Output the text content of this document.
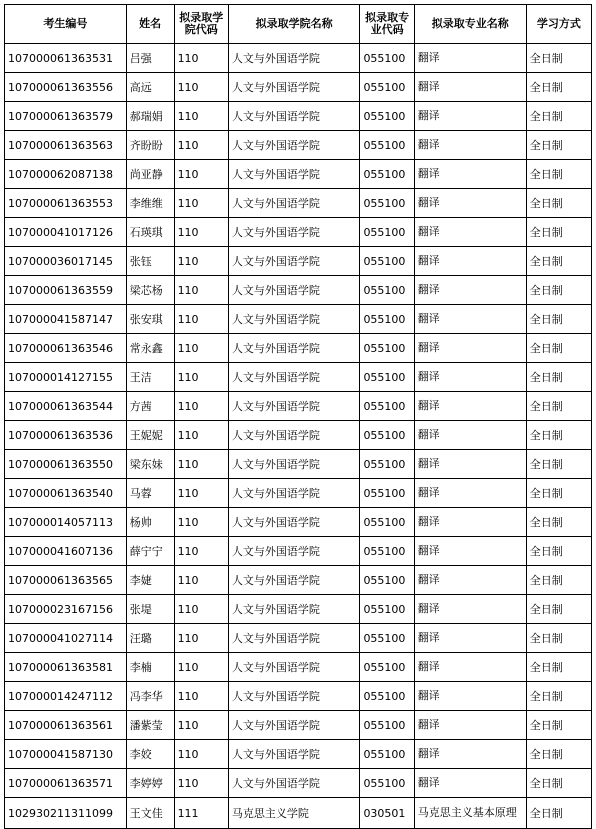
考生编号	姓名	拟录取学院代码	拟录取学院名称	拟录取专业代码	拟录取专业名称	学习方式
107000061363531	吕强	110	人文与外国语学院	055100	翻译	全日制
107000061363556	高远	110	人文与外国语学院	055100	翻译	全日制
107000061363579	郝瑞娟	110	人文与外国语学院	055100	翻译	全日制
107000061363563	齐盼盼	110	人文与外国语学院	055100	翻译	全日制
107000062087138	尚亚静	110	人文与外国语学院	055100	翻译	全日制
107000061363553	李维维	110	人文与外国语学院	055100	翻译	全日制
107000041017126	石瑛琪	110	人文与外国语学院	055100	翻译	全日制
107000036017145	张钰	110	人文与外国语学院	055100	翻译	全日制
107000061363559	梁芯杨	110	人文与外国语学院	055100	翻译	全日制
107000041587147	张安琪	110	人文与外国语学院	055100	翻译	全日制
107000061363546	常永鑫	110	人文与外国语学院	055100	翻译	全日制
107000014127155	王洁	110	人文与外国语学院	055100	翻译	全日制
107000061363544	方茜	110	人文与外国语学院	055100	翻译	全日制
107000061363536	王妮妮	110	人文与外国语学院	055100	翻译	全日制
107000061363550	梁东妹	110	人文与外国语学院	055100	翻译	全日制
107000061363540	马蓉	110	人文与外国语学院	055100	翻译	全日制
107000014057113	杨帅	110	人文与外国语学院	055100	翻译	全日制
107000041607136	薛宁宁	110	人文与外国语学院	055100	翻译	全日制
107000061363565	李婕	110	人文与外国语学院	055100	翻译	全日制
107000023167156	张堤	110	人文与外国语学院	055100	翻译	全日制
107000041027114	汪璐	110	人文与外国语学院	055100	翻译	全日制
107000061363581	李楠	110	人文与外国语学院	055100	翻译	全日制
107000014247112	冯李华	110	人文与外国语学院	055100	翻译	全日制
107000061363561	潘紫莹	110	人文与外国语学院	055100	翻译	全日制
107000041587130	李姣	110	人文与外国语学院	055100	翻译	全日制
107000061363571	李婷婷	110	人文与外国语学院	055100	翻译	全日制
102930211311099	王文佳	111	马克思主义学院	030501	马克思主义基本原理	全日制
